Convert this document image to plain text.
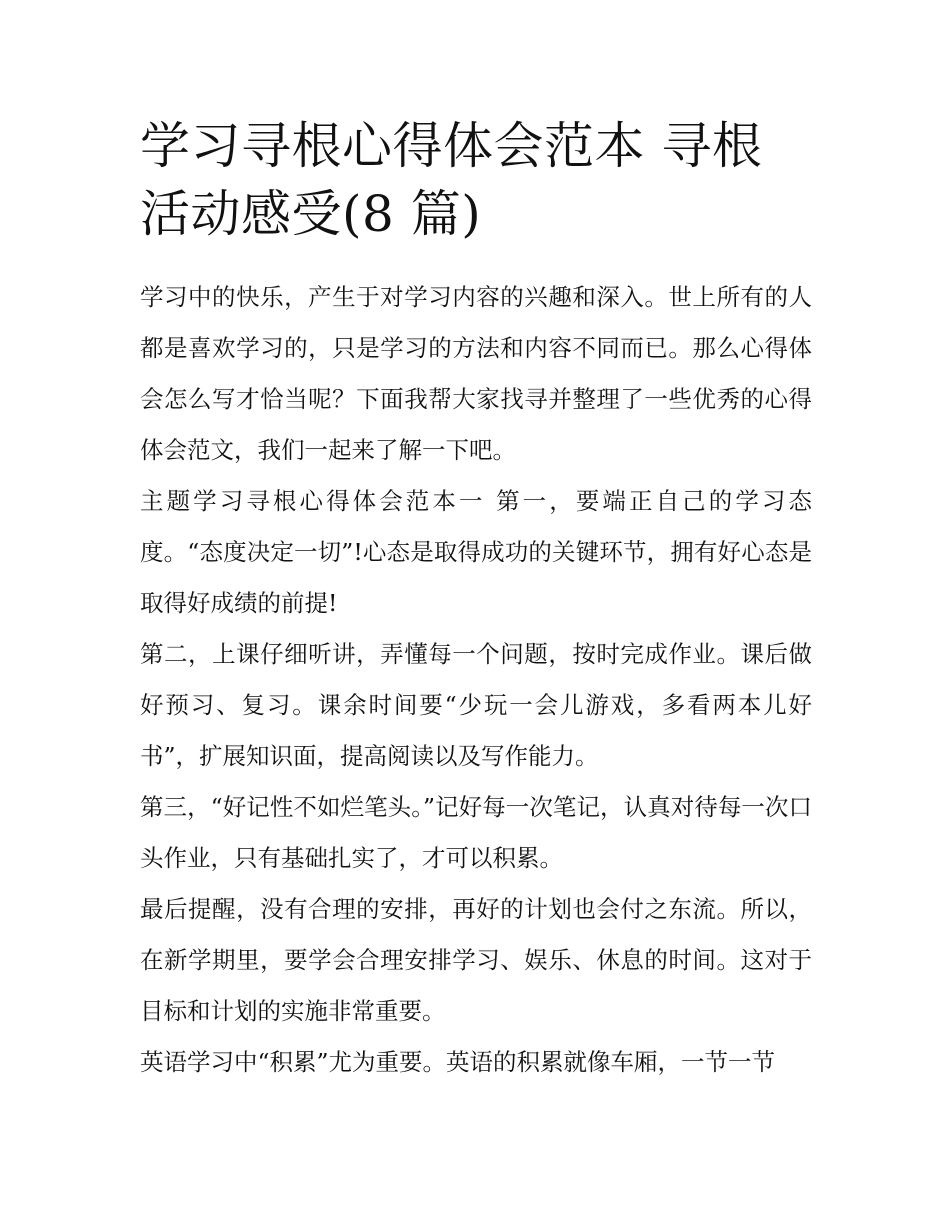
学习寻根心得体会范本 寻根活动感受(8 篇)

学习中的快乐，产生于对学习内容的兴趣和深入。世上所有的人都是喜欢学习的，只是学习的方法和内容不同而已。那么心得体会怎么写才恰当呢？下面我帮大家找寻并整理了一些优秀的心得体会范文，我们一起来了解一下吧。

主题学习寻根心得体会范本一 第一，要端正自己的学习态度。“态度决定一切”!心态是取得成功的关键环节，拥有好心态是取得好成绩的前提!

第二，上课仔细听讲，弄懂每一个问题，按时完成作业。课后做好预习、复习。课余时间要“少玩一会儿游戏，多看两本儿好书”，扩展知识面，提高阅读以及写作能力。

第三，“好记性不如烂笔头。”记好每一次笔记，认真对待每一次口头作业，只有基础扎实了，才可以积累。

最后提醒，没有合理的安排，再好的计划也会付之东流。所以，在新学期里，要学会合理安排学习、娱乐、休息的时间。这对于目标和计划的实施非常重要。

英语学习中“积累”尤为重要。英语的积累就像车厢，一节一节
